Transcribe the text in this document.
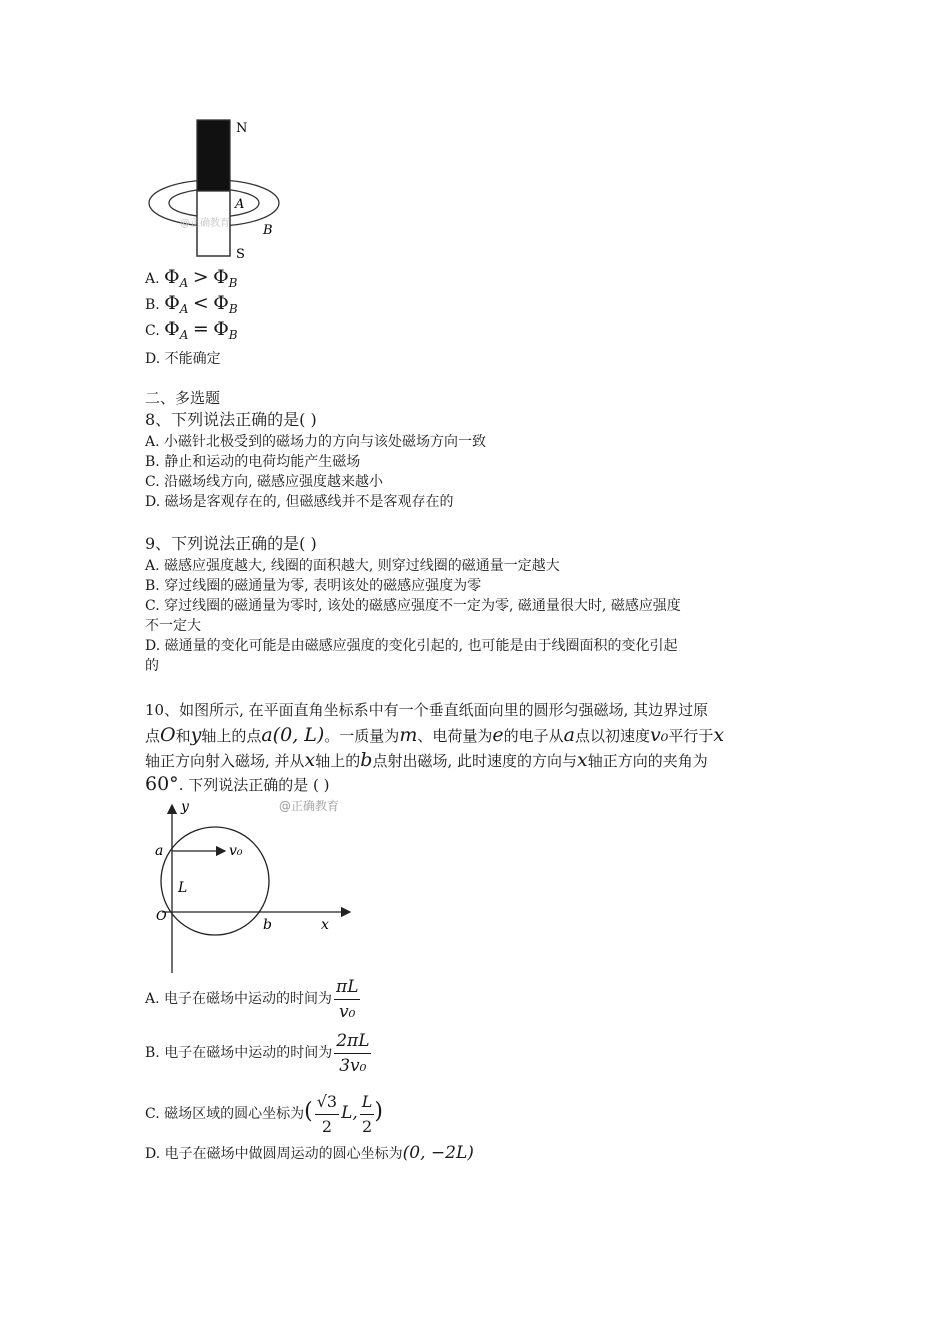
N
A
B
S
@正确教育
A. $\Phi_A > \Phi_B$
B. $\Phi_A < \Phi_B$
C. $\Phi_A = \Phi_B$
D. 不能确定
二、多选题
8、下列说法正确的是( )
A. 小磁针北极受到的磁场力的方向与该处磁场方向一致
B. 静止和运动的电荷均能产生磁场
C. 沿磁场线方向, 磁感应强度越来越小
D. 磁场是客观存在的, 但磁感线并不是客观存在的
9、下列说法正确的是( )
A. 磁感应强度越大, 线圈的面积越大, 则穿过线圈的磁通量一定越大
B. 穿过线圈的磁通量为零, 表明该处的磁感应强度为零
C. 穿过线圈的磁通量为零时, 该处的磁感应强度不一定为零, 磁通量很大时, 磁感应强度
不一定大
D. 磁通量的变化可能是由磁感应强度的变化引起的, 也可能是由于线圈面积的变化引起
的
10、如图所示, 在平面直角坐标系中有一个垂直纸面向里的圆形匀强磁场, 其边界过原
点O和y轴上的点a(0, L)。一质量为m、电荷量为e的电子从a点以初速度v₀平行于x
轴正方向射入磁场, 并从x轴上的b点射出磁场, 此时速度的方向与x轴正方向的夹角为
60°. 下列说法正确的是 ( )
y
a	v₀
L
O
b	x
@正确教育
A. 电子在磁场中运动的时间为 $\frac{\pi L}{\text{v₀}}$
B. 电子在磁场中运动的时间为 $\frac{2\pi L}{\text{3v₀}}$
C. 磁场区域的圆心坐标为( $\frac{√3}{2} L$, $\frac{L}{2}$ )
D. 电子在磁场中做圆周运动的圆心坐标为(0, −2L)
